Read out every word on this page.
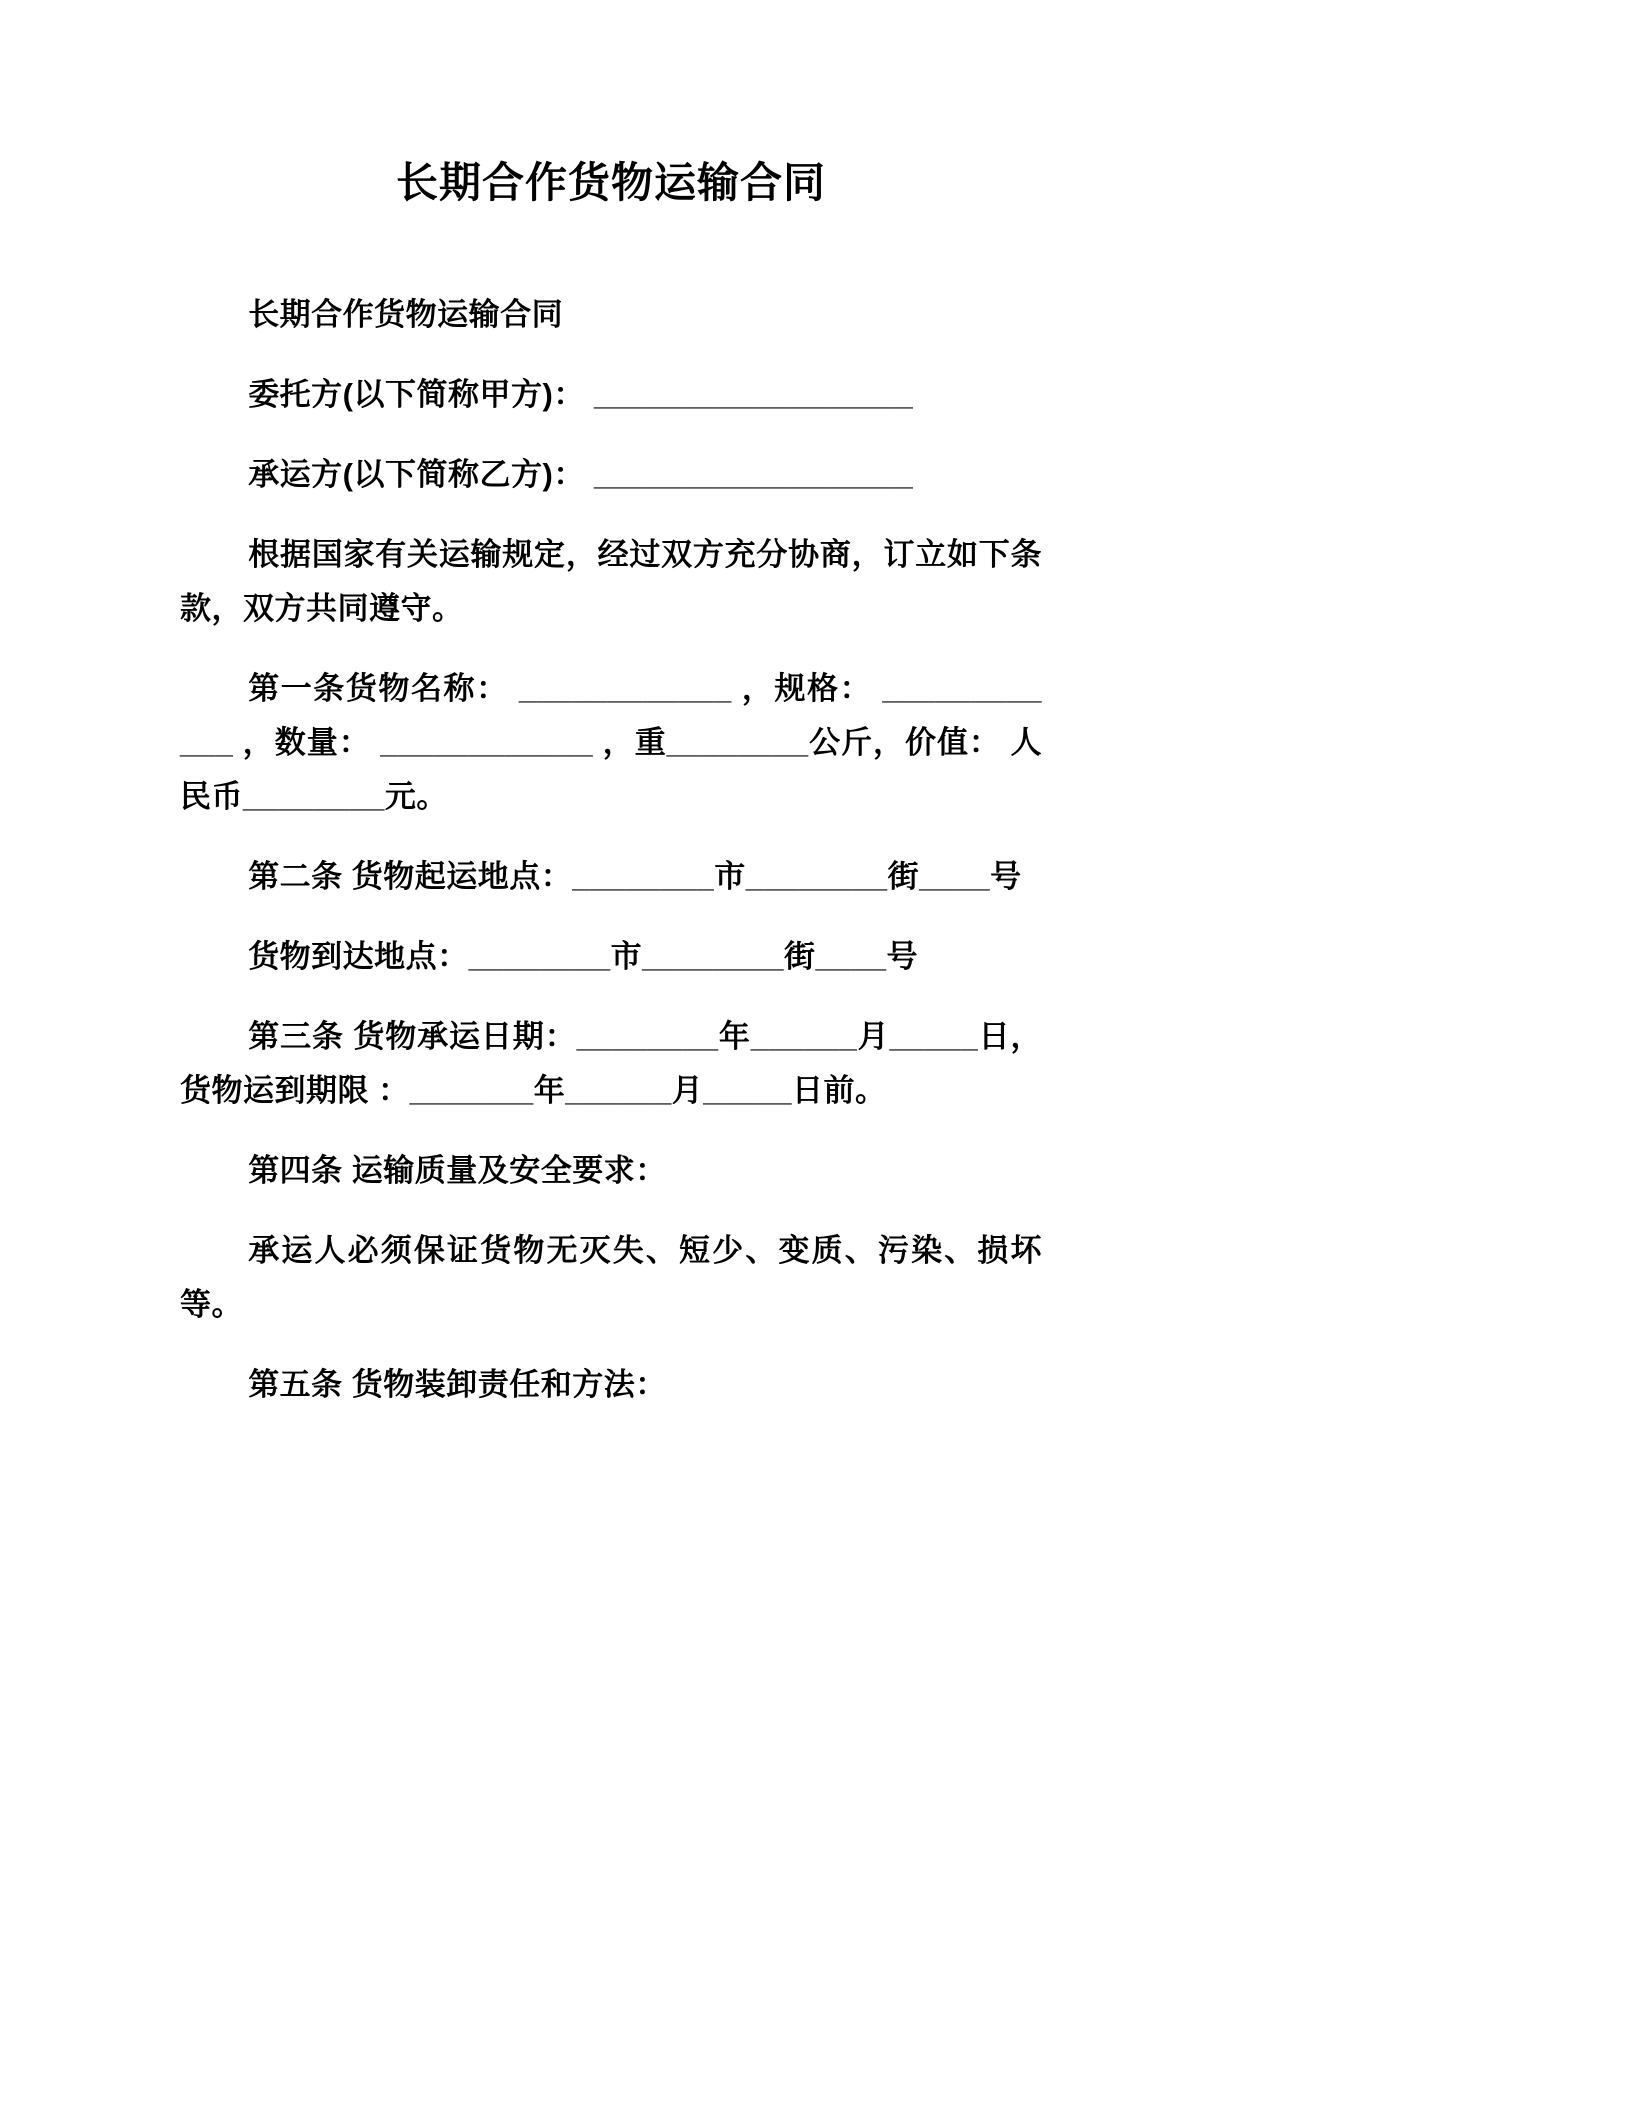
长期合作货物运输合同

长期合作货物运输合同

委托方(以下简称甲方)： __________________

承运方(以下简称乙方)： __________________

根据国家有关运输规定，经过双方充分协商，订立如下条款，双方共同遵守。

第一条货物名称： ____________ ，规格： ____________ ，数量： ____________ ，重________公斤，价值： 人民币________元。

第二条 货物起运地点：________市________街____号

货物到达地点：________市________街____号

第三条 货物承运日期：________年______月_____日，货物运到期限 ：_______年______月_____日前。

第四条 运输质量及安全要求：

承运人必须保证货物无灭失、短少、变质、污染、损坏等。

第五条 货物装卸责任和方法：
